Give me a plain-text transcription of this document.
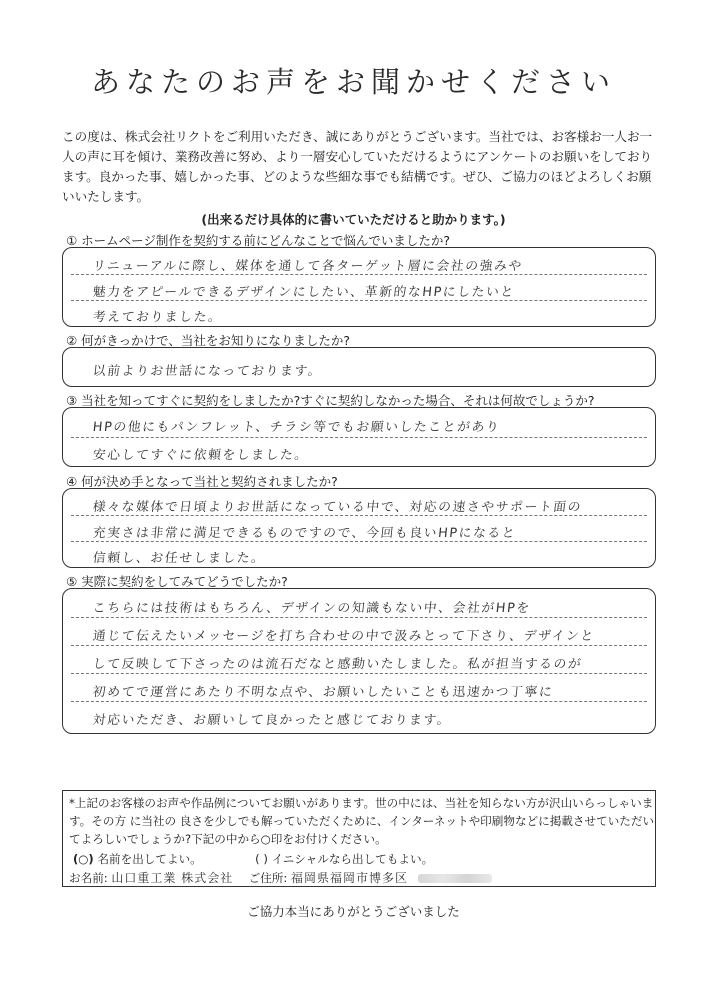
あなたのお声をお聞かせください
この度は、株式会社リクトをご利用いただき、誠にありがとうございます。当社では、お客様お一人お一
人の声に耳を傾け、業務改善に努め、より一層安心していただけるようにアンケートのお願いをしており
ます。良かった事、嬉しかった事、どのような些細な事でも結構です。ぜひ、ご協力のほどよろしくお願
いいたします。
(出来るだけ具体的に書いていただけると助かります。)
① ホームページ制作を契約する前にどんなことで悩んでいましたか?
リニューアルに際し、媒体を通して各ターゲット層に会社の強みや
魅力をアピールできるデザインにしたい、革新的なHPにしたいと
考えておりました。
② 何がきっかけで、当社をお知りになりましたか?
以前よりお世話になっております。
③ 当社を知ってすぐに契約をしましたか?すぐに契約しなかった場合、それは何故でしょうか?
HPの他にもパンフレット、チラシ等でもお願いしたことがあり
安心してすぐに依頼をしました。
④ 何が決め手となって当社と契約されましたか?
様々な媒体で日頃よりお世話になっている中で、対応の速さやサポート面の
充実さは非常に満足できるものですので、今回も良いHPになると
信頼し、お任せしました。
⑤ 実際に契約をしてみてどうでしたか?
こちらには技術はもちろん、デザインの知識もない中、会社がHPを
通じて伝えたいメッセージを打ち合わせの中で汲みとって下さり、デザインと
して反映して下さったのは流石だなと感動いたしました。私が担当するのが
初めてで運営にあたり不明な点や、お願いしたいことも迅速かつ丁寧に
対応いただき、お願いして良かったと感じております。
*上記のお客様のお声や作品例についてお願いがあります。世の中には、当社を知らない方が沢山いらっしゃいま
す。その方 に当社の 良さを少しでも解っていただくために、インターネットや印刷物などに掲載させていただい
てよろしいでしょうか?下記の中から○印をお付けください。
(○) 名前を出してよい。	( ) イニシャルなら出してもよい。
お名前: 山口重工業 株式会社 ご住所: 福岡県福岡市博多区
ご協力本当にありがとうございました
